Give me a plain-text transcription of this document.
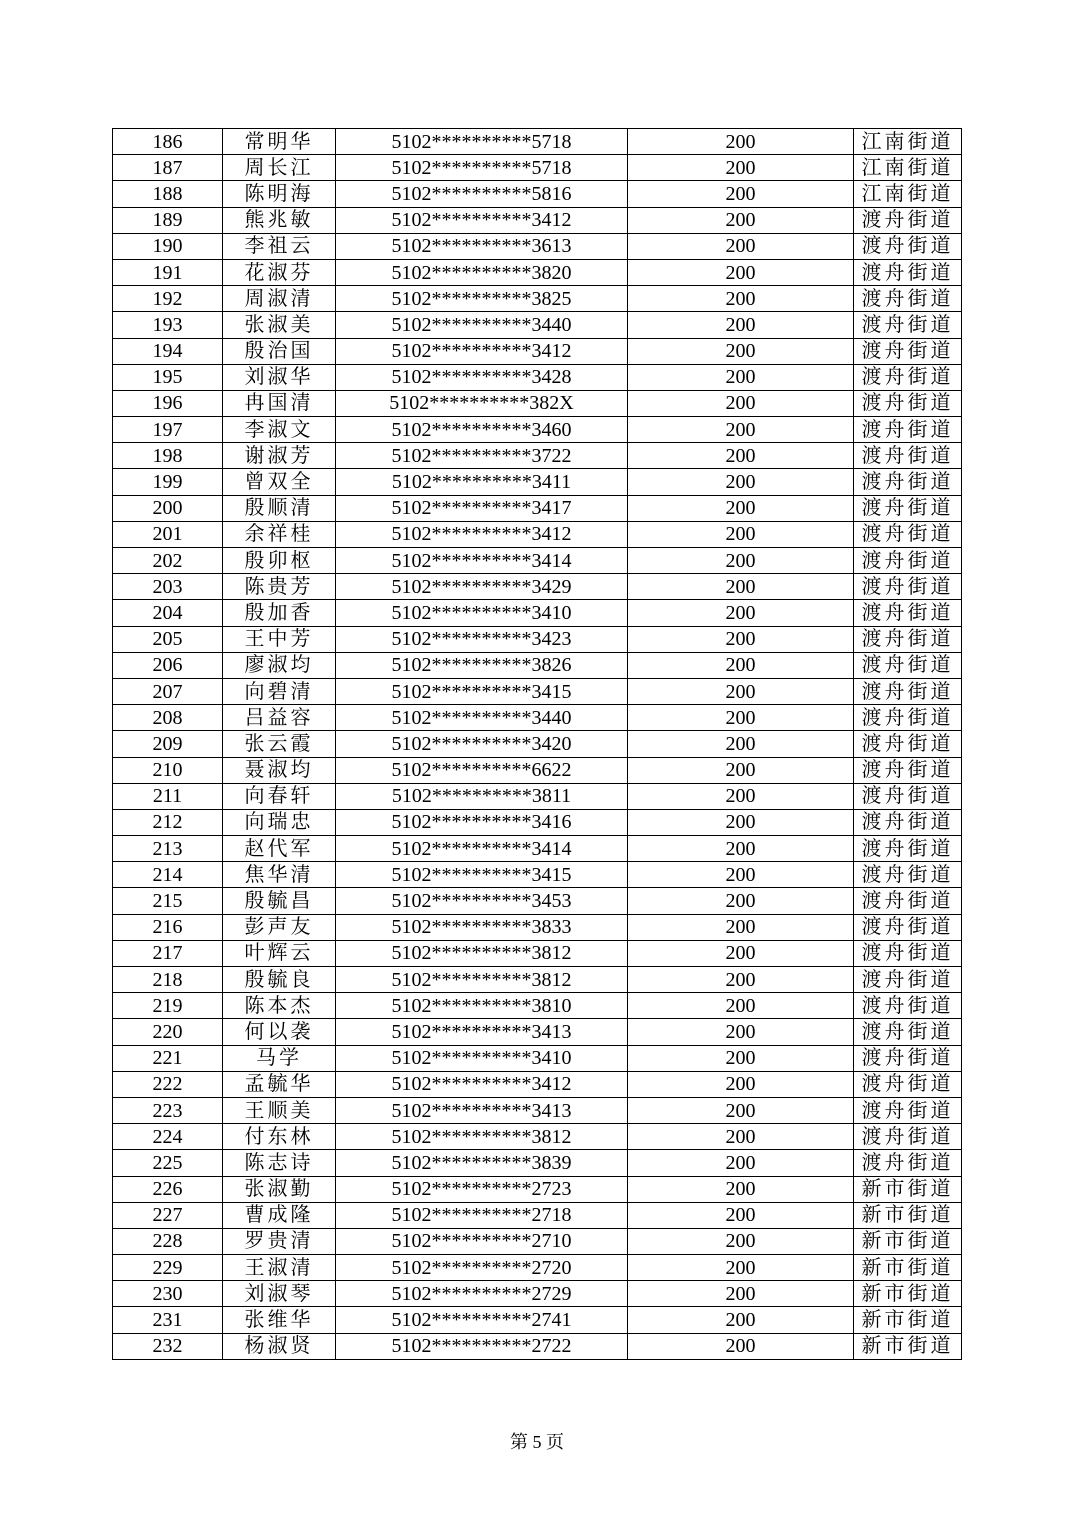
186	常明华	5102**********5718	200	江南街道
187	周长江	5102**********5718	200	江南街道
188	陈明海	5102**********5816	200	江南街道
189	熊兆敏	5102**********3412	200	渡舟街道
190	李祖云	5102**********3613	200	渡舟街道
191	花淑芬	5102**********3820	200	渡舟街道
192	周淑清	5102**********3825	200	渡舟街道
193	张淑美	5102**********3440	200	渡舟街道
194	殷治国	5102**********3412	200	渡舟街道
195	刘淑华	5102**********3428	200	渡舟街道
196	冉国清	5102**********382X	200	渡舟街道
197	李淑文	5102**********3460	200	渡舟街道
198	谢淑芳	5102**********3722	200	渡舟街道
199	曾双全	5102**********3411	200	渡舟街道
200	殷顺清	5102**********3417	200	渡舟街道
201	余祥桂	5102**********3412	200	渡舟街道
202	殷卯枢	5102**********3414	200	渡舟街道
203	陈贵芳	5102**********3429	200	渡舟街道
204	殷加香	5102**********3410	200	渡舟街道
205	王中芳	5102**********3423	200	渡舟街道
206	廖淑均	5102**********3826	200	渡舟街道
207	向碧清	5102**********3415	200	渡舟街道
208	吕益容	5102**********3440	200	渡舟街道
209	张云霞	5102**********3420	200	渡舟街道
210	聂淑均	5102**********6622	200	渡舟街道
211	向春轩	5102**********3811	200	渡舟街道
212	向瑞忠	5102**********3416	200	渡舟街道
213	赵代军	5102**********3414	200	渡舟街道
214	焦华清	5102**********3415	200	渡舟街道
215	殷毓昌	5102**********3453	200	渡舟街道
216	彭声友	5102**********3833	200	渡舟街道
217	叶辉云	5102**********3812	200	渡舟街道
218	殷毓良	5102**********3812	200	渡舟街道
219	陈本杰	5102**********3810	200	渡舟街道
220	何以袭	5102**********3413	200	渡舟街道
221	马学	5102**********3410	200	渡舟街道
222	孟毓华	5102**********3412	200	渡舟街道
223	王顺美	5102**********3413	200	渡舟街道
224	付东林	5102**********3812	200	渡舟街道
225	陈志诗	5102**********3839	200	渡舟街道
226	张淑勤	5102**********2723	200	新市街道
227	曹成隆	5102**********2718	200	新市街道
228	罗贵清	5102**********2710	200	新市街道
229	王淑清	5102**********2720	200	新市街道
230	刘淑琴	5102**********2729	200	新市街道
231	张维华	5102**********2741	200	新市街道
232	杨淑贤	5102**********2722	200	新市街道
第 5 页
